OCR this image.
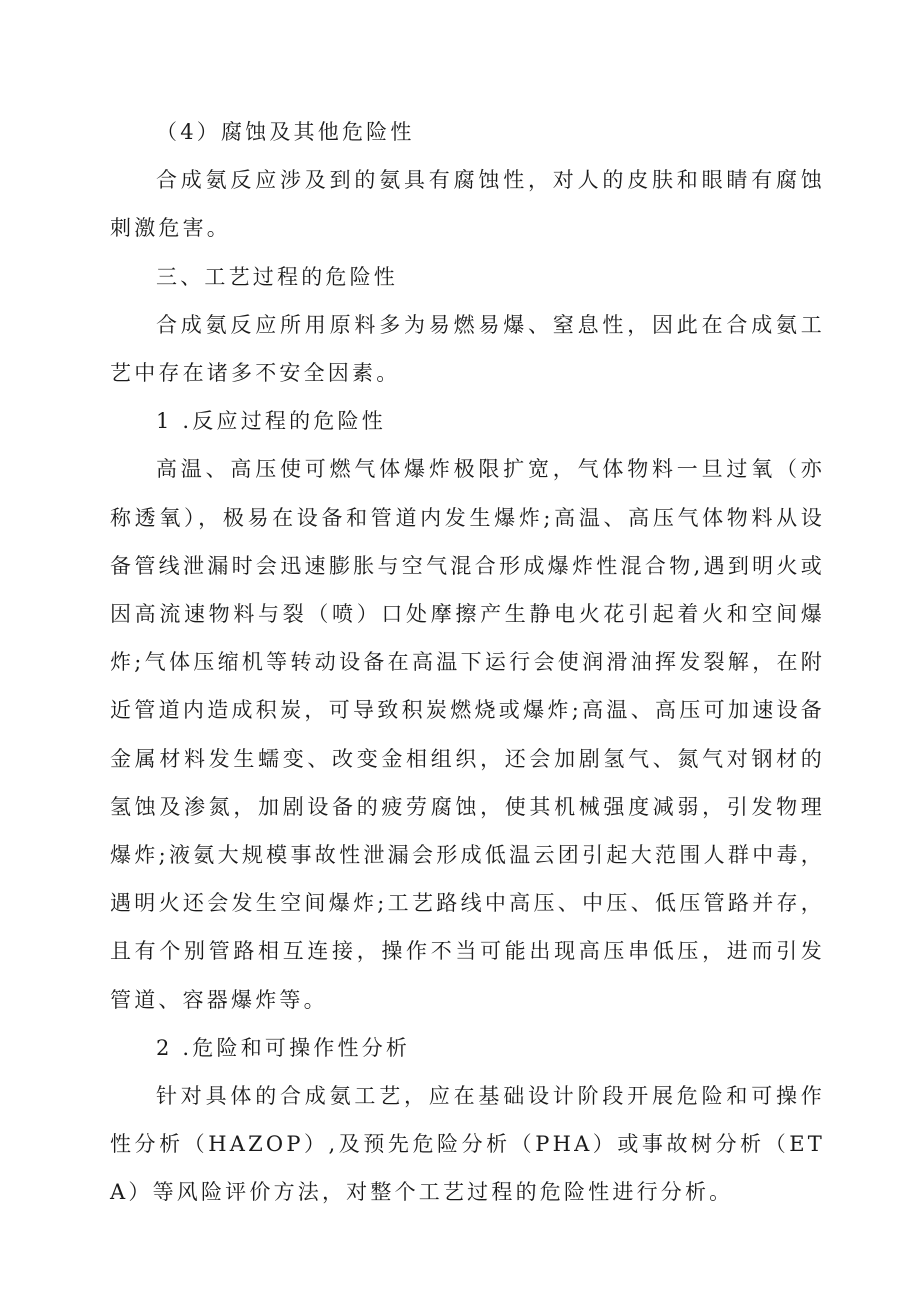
（4）腐蚀及其他危险性

合成氨反应涉及到的氨具有腐蚀性，对人的皮肤和眼睛有腐蚀刺激危害。

三、工艺过程的危险性

合成氨反应所用原料多为易燃易爆、窒息性，因此在合成氨工艺中存在诸多不安全因素。

1 .反应过程的危险性

高温、高压使可燃气体爆炸极限扩宽，气体物料一旦过氧（亦称透氧），极易在设备和管道内发生爆炸;高温、高压气体物料从设备管线泄漏时会迅速膨胀与空气混合形成爆炸性混合物,遇到明火或因高流速物料与裂（喷）口处摩擦产生静电火花引起着火和空间爆炸;气体压缩机等转动设备在高温下运行会使润滑油挥发裂解，在附近管道内造成积炭，可导致积炭燃烧或爆炸;高温、高压可加速设备金属材料发生蠕变、改变金相组织，还会加剧氢气、氮气对钢材的氢蚀及渗氮，加剧设备的疲劳腐蚀，使其机械强度减弱，引发物理爆炸;液氨大规模事故性泄漏会形成低温云团引起大范围人群中毒，遇明火还会发生空间爆炸;工艺路线中高压、中压、低压管路并存，且有个别管路相互连接，操作不当可能出现高压串低压，进而引发管道、容器爆炸等。

2 .危险和可操作性分析

针对具体的合成氨工艺，应在基础设计阶段开展危险和可操作性分析（HAZOP）,及预先危险分析（PHA）或事故树分析（ETA）等风险评价方法，对整个工艺过程的危险性进行分析。
